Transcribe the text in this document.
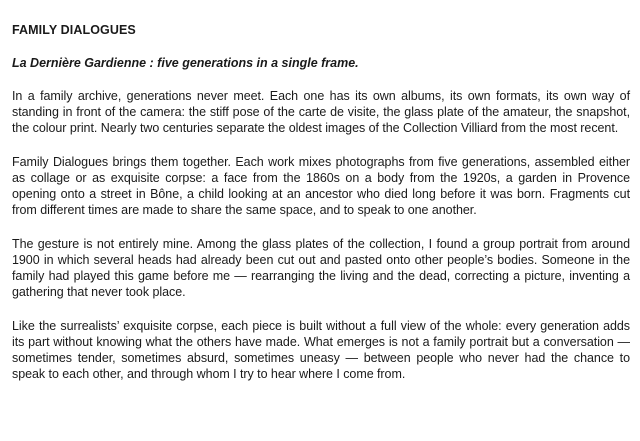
FAMILY DIALOGUES
La Dernière Gardienne : five generations in a single frame.

In a family archive, generations never meet. Each one has its own albums, its own formats, its own way of standing in front of the camera: the stiff pose of the carte de visite, the glass plate of the amateur, the snapshot, the colour print. Nearly two centuries separate the oldest images of the Collection Villiard from the most recent.

Family Dialogues brings them together. Each work mixes photographs from five generations, assembled either as collage or as exquisite corpse: a face from the 1860s on a body from the 1920s, a garden in Provence opening onto a street in Bône, a child looking at an ancestor who died long before it was born. Fragments cut from different times are made to share the same space, and to speak to one another.

The gesture is not entirely mine. Among the glass plates of the collection, I found a group portrait from around 1900 in which several heads had already been cut out and pasted onto other people’s bodies. Someone in the family had played this game before me — rearranging the living and the dead, correcting a picture, inventing a gathering that never took place.

Like the surrealists’ exquisite corpse, each piece is built without a full view of the whole: every generation adds its part without knowing what the others have made. What emerges is not a family portrait but a conversation — sometimes tender, sometimes absurd, sometimes uneasy — between people who never had the chance to speak to each other, and through whom I try to hear where I come from.
